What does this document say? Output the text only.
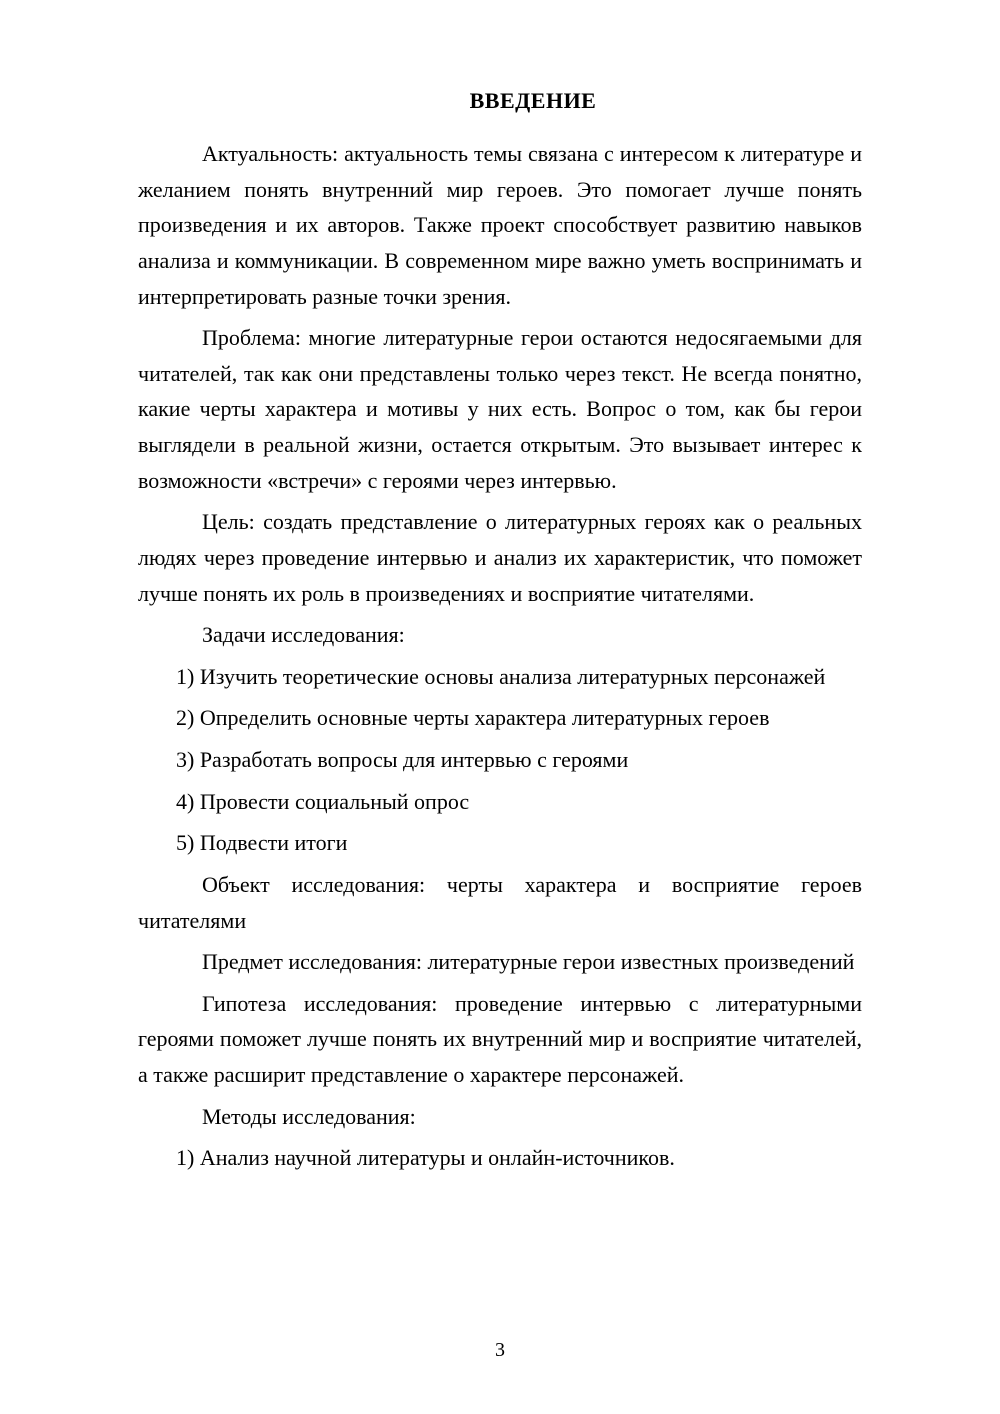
ВВЕДЕНИЕ

Актуальность: актуальность темы связана с интересом к литературе и желанием понять внутренний мир героев. Это помогает лучше понять произведения и их авторов. Также проект способствует развитию навыков анализа и коммуникации. В современном мире важно уметь воспринимать и интерпретировать разные точки зрения.

Проблема: многие литературные герои остаются недосягаемыми для читателей, так как они представлены только через текст. Не всегда понятно, какие черты характера и мотивы у них есть. Вопрос о том, как бы герои выглядели в реальной жизни, остается открытым. Это вызывает интерес к возможности «встречи» с героями через интервью.

Цель: создать представление о литературных героях как о реальных людях через проведение интервью и анализ их характеристик, что поможет лучше понять их роль в произведениях и восприятие читателями.

Задачи исследования:

1) Изучить теоретические основы анализа литературных персонажей

2) Определить основные черты характера литературных героев

3) Разработать вопросы для интервью с героями

4) Провести социальный опрос

5) Подвести итоги

Объект исследования: черты характера и восприятие героев читателями

Предмет исследования: литературные герои известных произведений

Гипотеза исследования: проведение интервью с литературными героями поможет лучше понять их внутренний мир и восприятие читателей, а также расширит представление о характере персонажей.

Методы исследования:

1) Анализ научной литературы и онлайн-источников.

3
